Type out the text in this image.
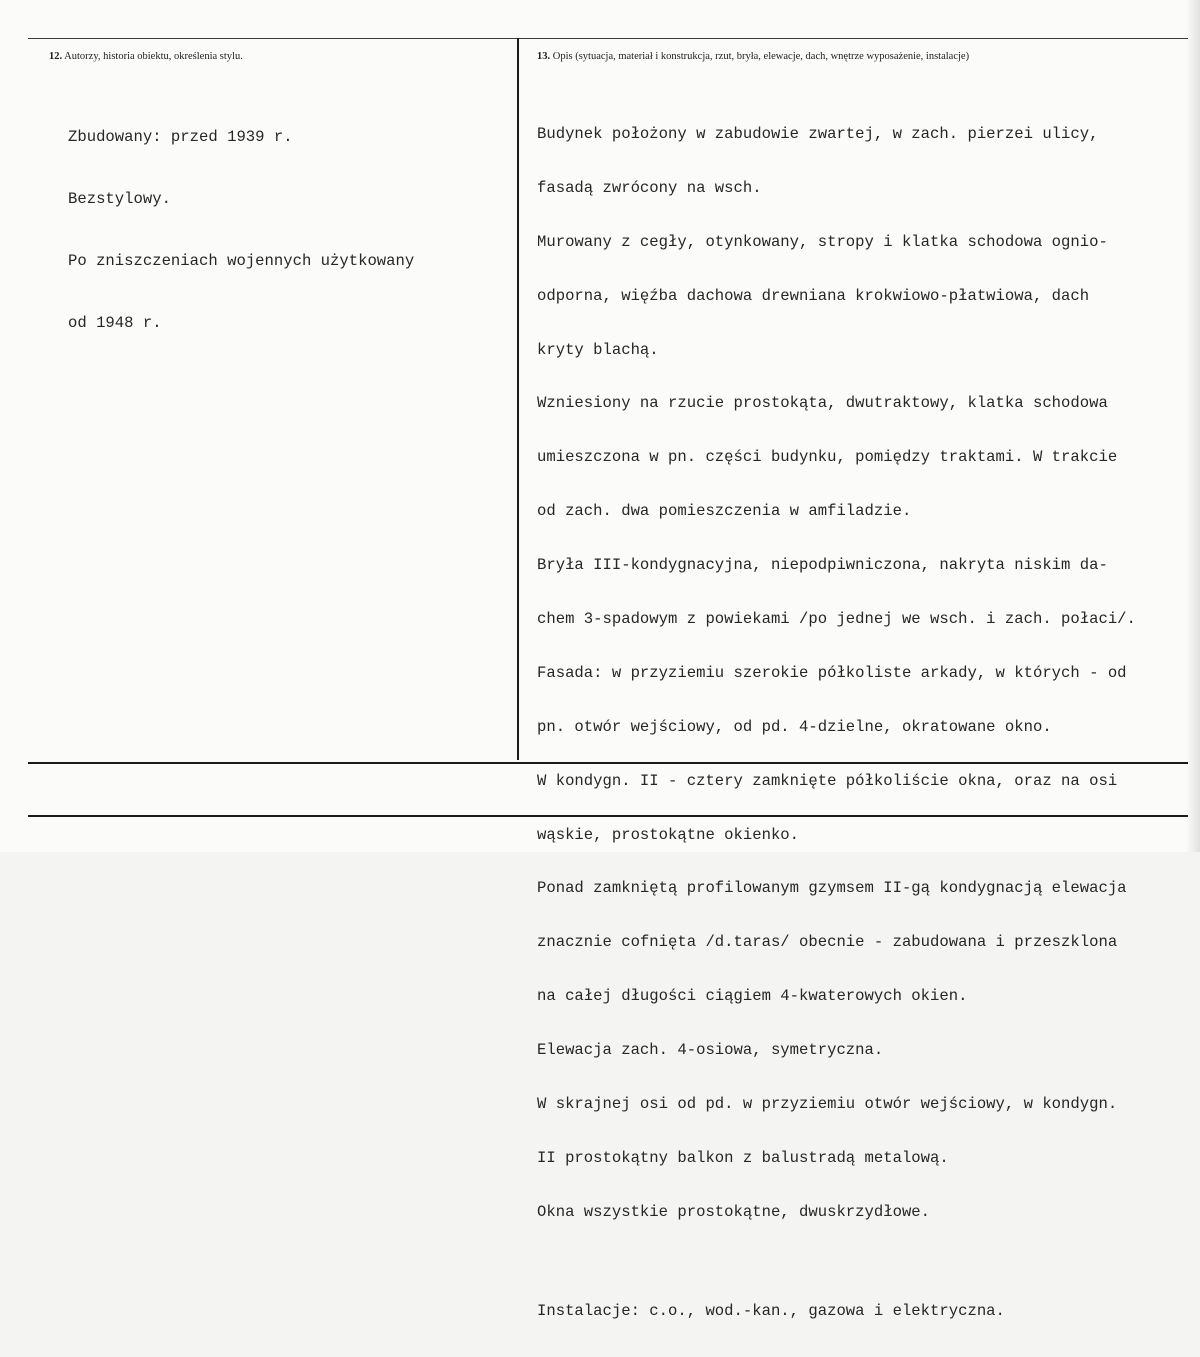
12. Autorzy, historia obiektu, określenia stylu.	13. Opis (sytuacja, materiał i konstrukcja, rzut, bryła, elewacje, dach, wnętrze wyposażenie, instalacje)

Zbudowany: przed 1939 r.

Bezstylowy.

Po zniszczeniach wojennych użytkowany

od 1948 r.

Budynek położony w zabudowie zwartej, w zach. pierzei ulicy,

fasadą zwrócony na wsch.

Murowany z cegły, otynkowany, stropy i klatka schodowa ognio-

odporna, więźba dachowa drewniana krokwiowo-płatwiowa, dach

kryty blachą.

Wzniesiony na rzucie prostokąta, dwutraktowy, klatka schodowa

umieszczona w pn. części budynku, pomiędzy traktami. W trakcie

od zach. dwa pomieszczenia w amfiladzie.

Bryła III-kondygnacyjna, niepodpiwniczona, nakryta niskim da-

chem 3-spadowym z powiekami /po jednej we wsch. i zach. połaci/.

Fasada: w przyziemiu szerokie półkoliste arkady, w których - od

pn. otwór wejściowy, od pd. 4-dzielne, okratowane okno.

W kondygn. II - cztery zamknięte półkoliście okna, oraz na osi

wąskie, prostokątne okienko.

Ponad zamkniętą profilowanym gzymsem II-gą kondygnacją elewacja

znacznie cofnięta /d.taras/ obecnie - zabudowana i przeszklona

na całej długości ciągiem 4-kwaterowych okien.

Elewacja zach. 4-osiowa, symetryczna.

W skrajnej osi od pd. w przyziemiu otwór wejściowy, w kondygn.

II prostokątny balkon z balustradą metalową.

Okna wszystkie prostokątne, dwuskrzydłowe.

Instalacje: c.o., wod.-kan., gazowa i elektryczna.
